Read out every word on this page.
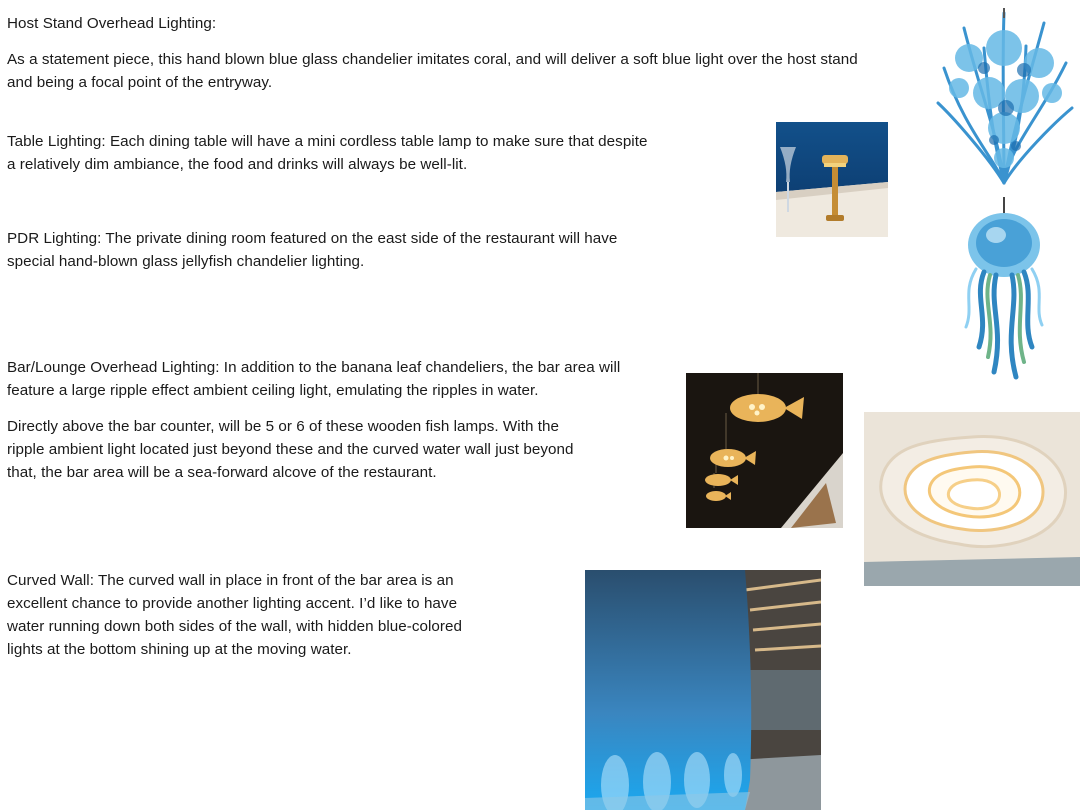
Host Stand Overhead Lighting:

As a statement piece, this hand blown blue glass chandelier imitates coral, and will deliver a soft blue light over the host stand

and being a focal point of the entryway.

Table Lighting: Each dining table will have a mini cordless table lamp to make sure that despite

a relatively dim ambiance, the food and drinks will always be well-lit.

PDR Lighting: The private dining room featured on the east side of the restaurant will have

special hand-blown glass jellyfish chandelier lighting.

Bar/Lounge Overhead Lighting: In addition to the banana leaf chandeliers, the bar area will

feature a large ripple effect ambient ceiling light, emulating the ripples in water.

Directly above the bar counter, will be 5 or 6 of these wooden fish lamps. With the

ripple ambient light located just beyond these and the curved water wall just beyond

that, the bar area will be a sea-forward alcove of the restaurant.

Curved Wall: The curved wall in place in front of the bar area is an

excellent chance to provide another lighting accent. I’d like to have

water running down both sides of the wall, with hidden blue-colored

lights at the bottom shining up at the moving water.
